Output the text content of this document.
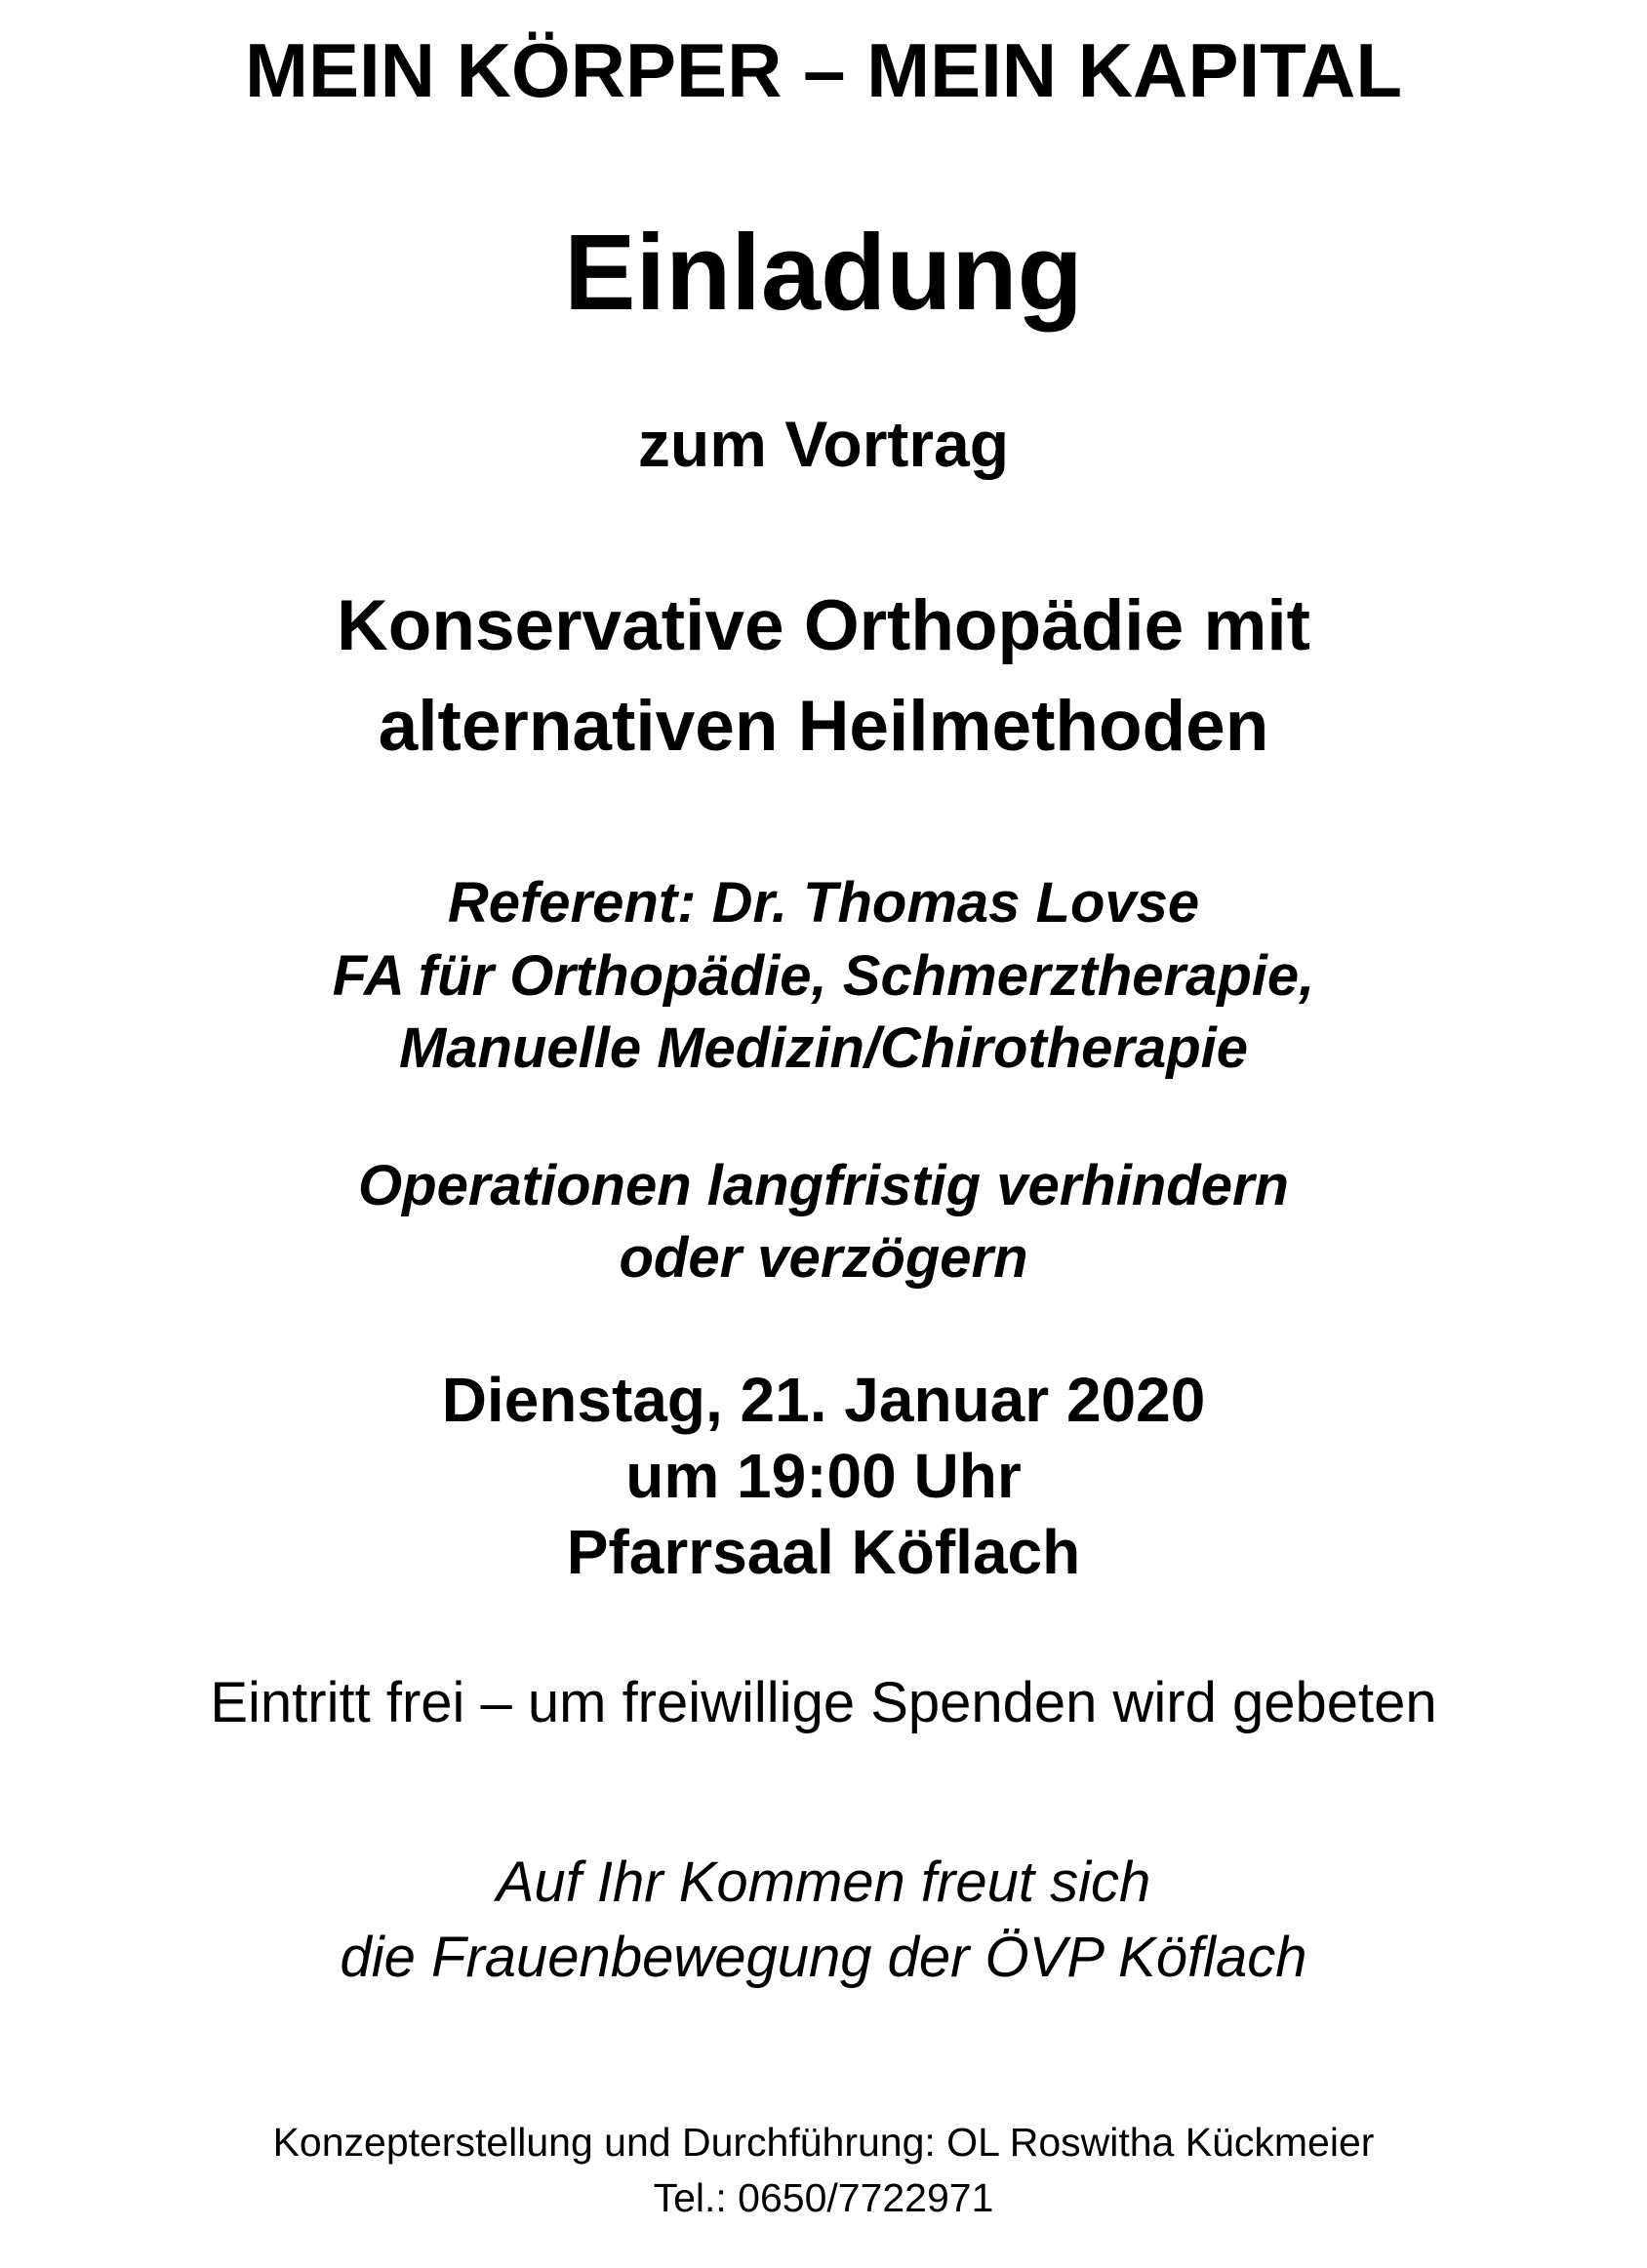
MEIN KÖRPER – MEIN KAPITAL

Einladung

zum Vortrag

Konservative Orthopädie mit

alternativen Heilmethoden

Referent: Dr. Thomas Lovse

FA für Orthopädie, Schmerztherapie,

Manuelle Medizin/Chirotherapie

Operationen langfristig verhindern

oder verzögern

Dienstag, 21. Januar 2020

um 19:00 Uhr

Pfarrsaal Köflach

Eintritt frei – um freiwillige Spenden wird gebeten

Auf Ihr Kommen freut sich

die Frauenbewegung der ÖVP Köflach

Konzepterstellung und Durchführung: OL Roswitha Kückmeier

Tel.: 0650/7722971
